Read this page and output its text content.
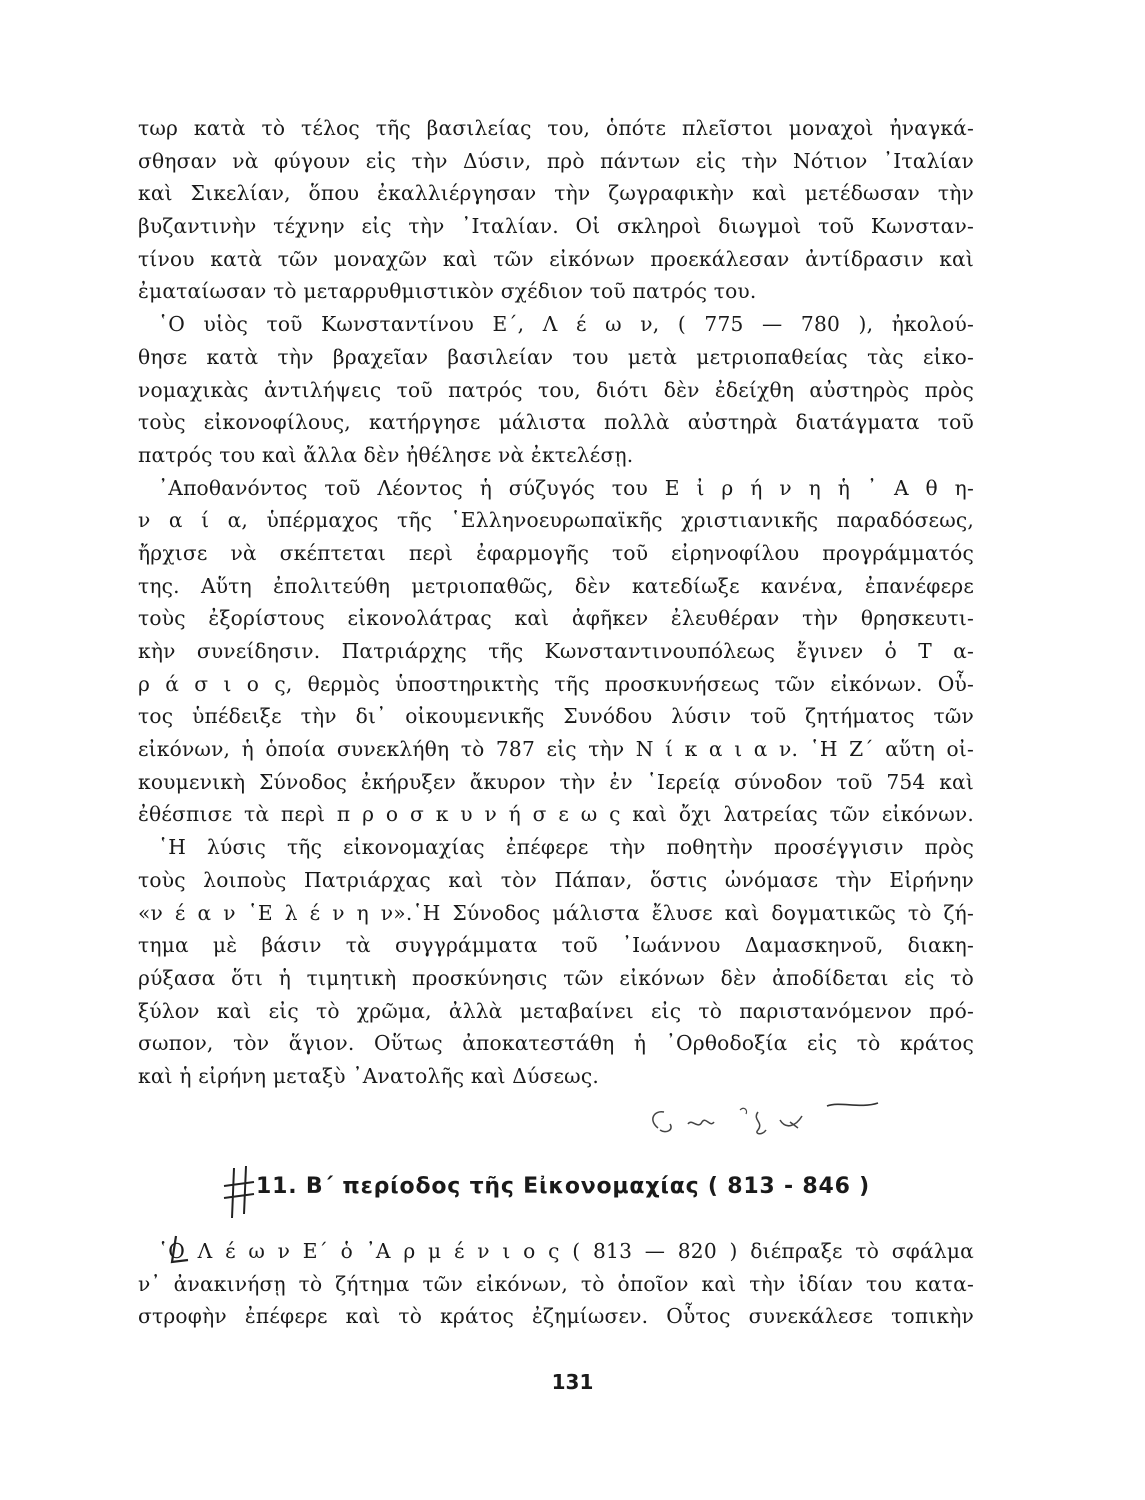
τωρ κατὰ τὸ τέλος τῆς βασιλείας του, ὁπότε πλεῖστοι μοναχοὶ ἠναγκά-
σθησαν νὰ φύγουν εἰς τὴν Δύσιν, πρὸ πάντων εἰς τὴν Νότιον ᾿Ιταλίαν
καὶ Σικελίαν, ὅπου ἐκαλλιέργησαν τὴν ζωγραφικὴν καὶ μετέδωσαν τὴν
βυζαντινὴν τέχνην εἰς τὴν ᾿Ιταλίαν. Οἱ σκληροὶ διωγμοὶ τοῦ Κωνσταν-
τίνου κατὰ τῶν μοναχῶν καὶ τῶν εἰκόνων προεκάλεσαν ἀντίδρασιν καὶ
ἐματαίωσαν τὸ μεταρρυθμιστικὸν σχέδιον τοῦ πατρός του.
῾Ο υἱὸς τοῦ Κωνσταντίνου Ε΄, Λ έ ω ν, ( 775 — 780 ), ἠκολού-
θησε κατὰ τὴν βραχεῖαν βασιλείαν του μετὰ μετριοπαθείας τὰς εἰκο-
νομαχικὰς ἀντιλήψεις τοῦ πατρός του, διότι δὲν ἐδείχθη αὐστηρὸς πρὸς
τοὺς εἰκονοφίλους, κατήργησε μάλιστα πολλὰ αὐστηρὰ διατάγματα τοῦ
πατρός του καὶ ἄλλα δὲν ἠθέλησε νὰ ἐκτελέσῃ.
᾿Αποθανόντος τοῦ Λέοντος ἡ σύζυγός του Ε ἰ ρ ή ν η ἡ ᾿ Α θ η-
ν α ί α, ὑπέρμαχος τῆς ῾Ελληνοευρωπαϊκῆς χριστιανικῆς παραδόσεως,
ἤρχισε νὰ σκέπτεται περὶ ἐφαρμογῆς τοῦ εἰρηνοφίλου προγράμματός
της. Αὕτη ἐπολιτεύθη μετριοπαθῶς, δὲν κατεδίωξε κανένα, ἐπανέφερε
τοὺς ἐξορίστους εἰκονολάτρας καὶ ἀφῆκεν ἐλευθέραν τὴν θρησκευτι-
κὴν συνείδησιν. Πατριάρχης τῆς Κωνσταντινουπόλεως ἔγινεν ὁ Τ α-
ρ ά σ ι ο ς, θερμὸς ὑποστηρικτὴς τῆς προσκυνήσεως τῶν εἰκόνων. Οὗ-
τος ὑπέδειξε τὴν δι᾿ οἰκουμενικῆς Συνόδου λύσιν τοῦ ζητήματος τῶν
εἰκόνων, ἡ ὁποία συνεκλήθη τὸ 787 εἰς τὴν Ν ί κ α ι α ν. ῾Η Ζ΄ αὕτη οἰ-
κουμενικὴ Σύνοδος ἐκήρυξεν ἄκυρον τὴν ἐν ῾Ιερείᾳ σύνοδον τοῦ 754 καὶ
ἐθέσπισε τὰ περὶ π ρ ο σ κ υ ν ή σ ε ω ς καὶ ὄχι λατρείας τῶν εἰκόνων.
῾Η λύσις τῆς εἰκονομαχίας ἐπέφερε τὴν ποθητὴν προσέγγισιν πρὸς
τοὺς λοιποὺς Πατριάρχας καὶ τὸν Πάπαν, ὅστις ὠνόμασε τὴν Εἰρήνην
«ν έ α ν ῾Ε λ έ ν η ν».῾Η Σύνοδος μάλιστα ἔλυσε καὶ δογματικῶς τὸ ζή-
τημα μὲ βάσιν τὰ συγγράμματα τοῦ ᾿Ιωάννου Δαμασκηνοῦ, διακη-
ρύξασα ὅτι ἡ τιμητικὴ προσκύνησις τῶν εἰκόνων δὲν ἀποδίδεται εἰς τὸ
ξύλον καὶ εἰς τὸ χρῶμα, ἀλλὰ μεταβαίνει εἰς τὸ παριστανόμενον πρό-
σωπον, τὸν ἅγιον. Οὕτως ἀποκατεστάθη ἡ ᾿Ορθοδοξία εἰς τὸ κράτος
καὶ ἡ εἰρήνη μεταξὺ ᾿Ανατολῆς καὶ Δύσεως.
11. Β΄ περίοδος τῆς Εἰκονομαχίας ( 813 - 846 )
῾Ο Λ έ ω ν Ε΄ ὁ ᾿Α ρ μ έ ν ι ο ς ( 813 — 820 ) διέπραξε τὸ σφάλμα
ν᾿ ἀνακινήσῃ τὸ ζήτημα τῶν εἰκόνων, τὸ ὁποῖον καὶ τὴν ἰδίαν του κατα-
στροφὴν ἐπέφερε καὶ τὸ κράτος ἐζημίωσεν. Οὗτος συνεκάλεσε τοπικὴν
131
